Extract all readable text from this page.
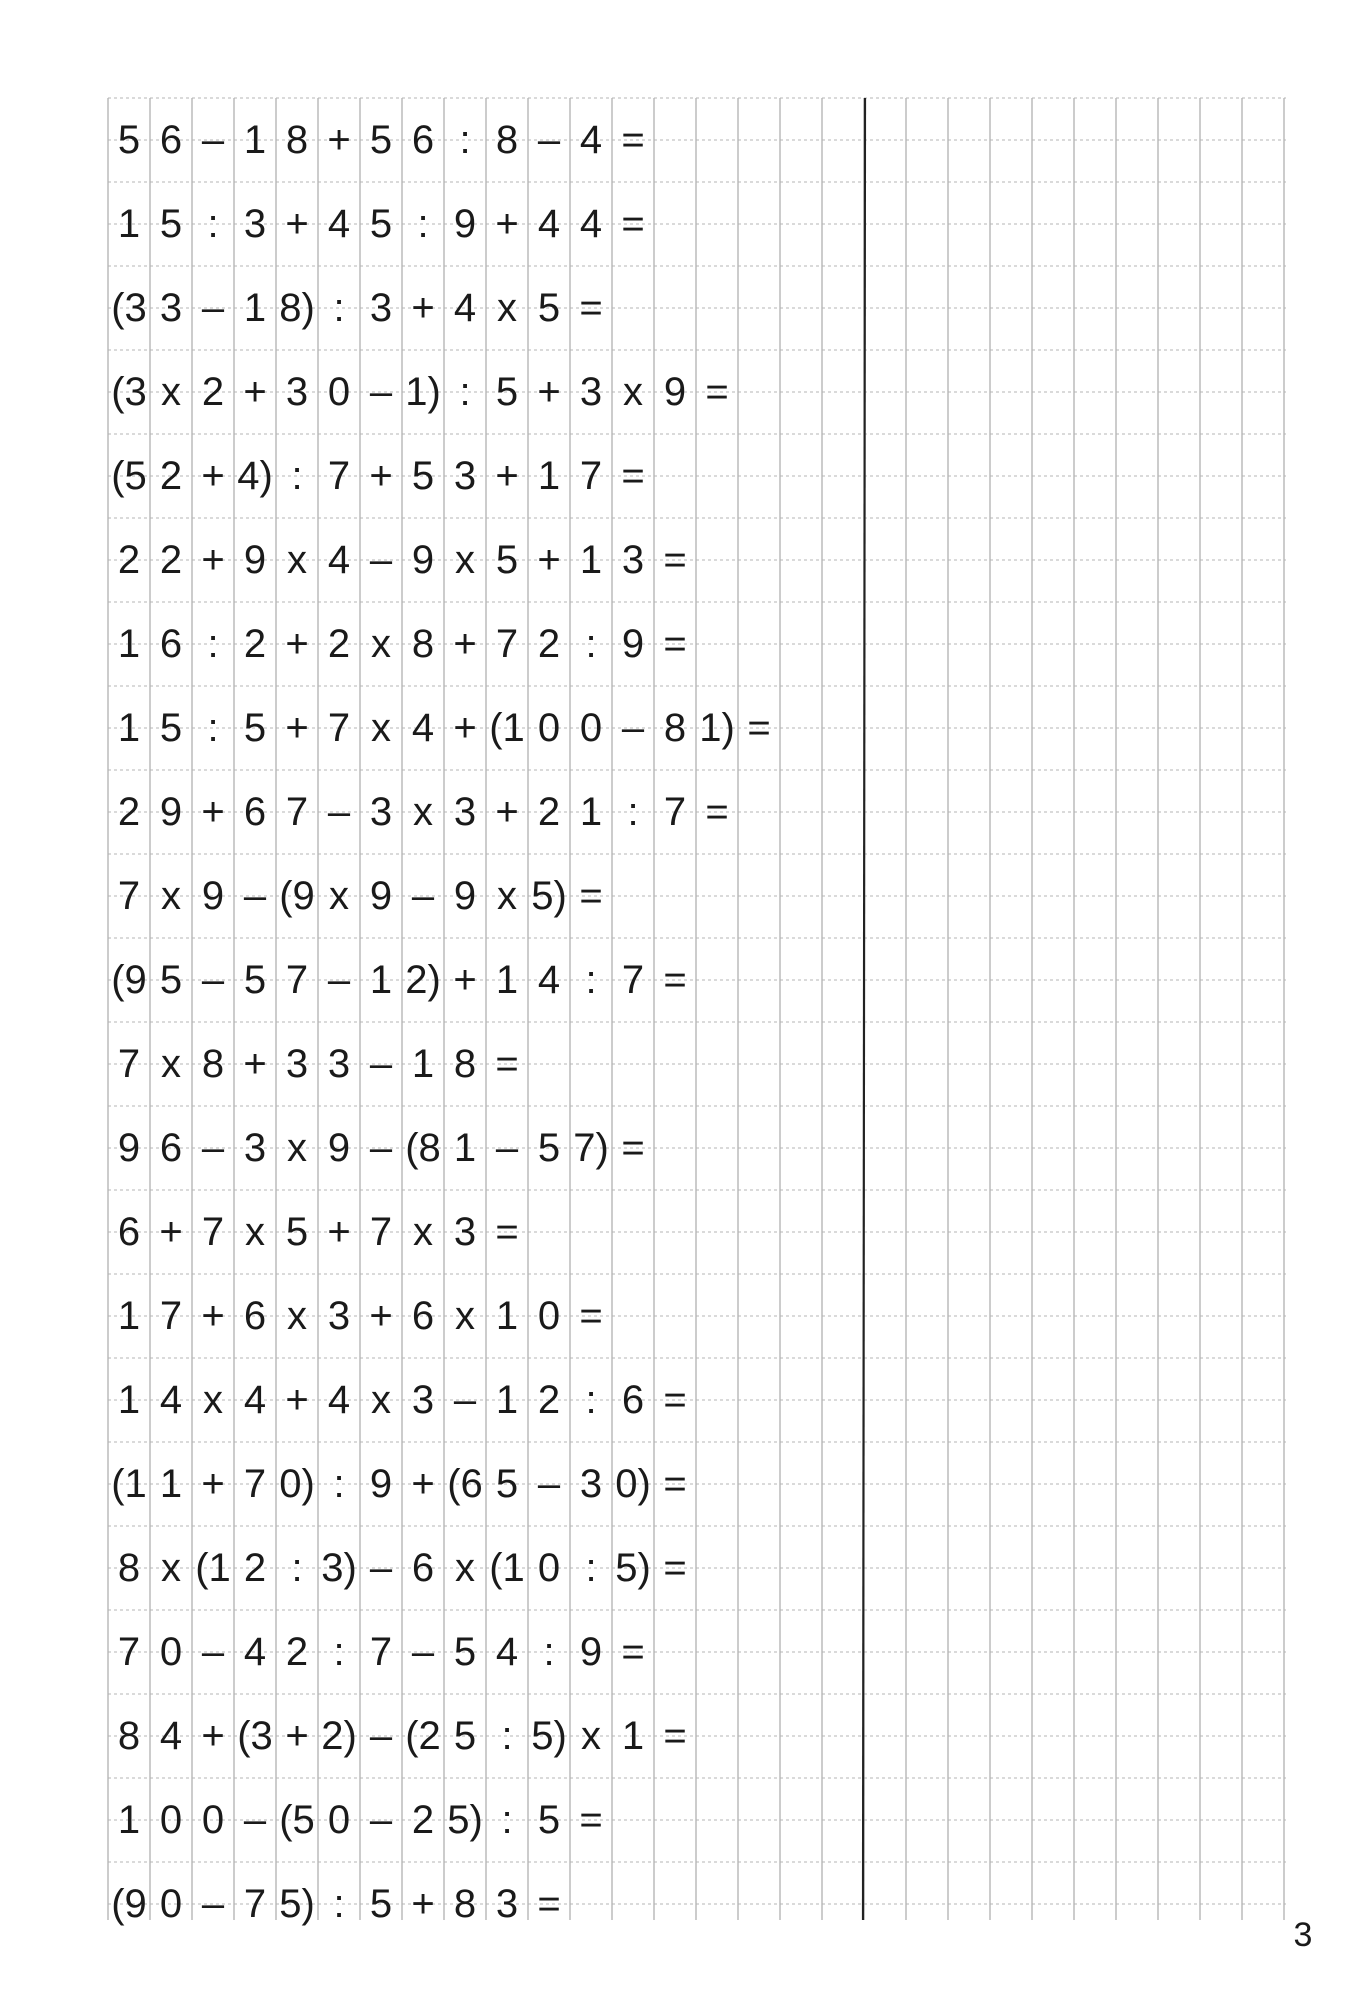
5 6 – 1 8 + 5 6 : 8 – 4 =
1 5 : 3 + 4 5 : 9 + 4 4 =
(3 3 – 1 8) : 3 + 4 x 5 =
(3 x 2 + 3 0 – 1) : 5 + 3 x 9 =
(5 2 + 4) : 7 + 5 3 + 1 7 =
2 2 + 9 x 4 – 9 x 5 + 1 3 =
1 6 : 2 + 2 x 8 + 7 2 : 9 =
1 5 : 5 + 7 x 4 + (1 0 0 – 8 1) =
2 9 + 6 7 – 3 x 3 + 2 1 : 7 =
7 x 9 – (9 x 9 – 9 x 5) =
(9 5 – 5 7 – 1 2) + 1 4 : 7 =
7 x 8 + 3 3 – 1 8 =
9 6 – 3 x 9 – (8 1 – 5 7) =
6 + 7 x 5 + 7 x 3 =
1 7 + 6 x 3 + 6 x 1 0 =
1 4 x 4 + 4 x 3 – 1 2 : 6 =
(1 1 + 7 0) : 9 + (6 5 – 3 0) =
8 x (1 2 : 3) – 6 x (1 0 : 5) =
7 0 – 4 2 : 7 – 5 4 : 9 =
8 4 + (3 + 2) – (2 5 : 5) x 1 =
1 0 0 – (5 0 – 2 5) : 5 =
(9 0 – 7 5) : 5 + 8 3 =
3
